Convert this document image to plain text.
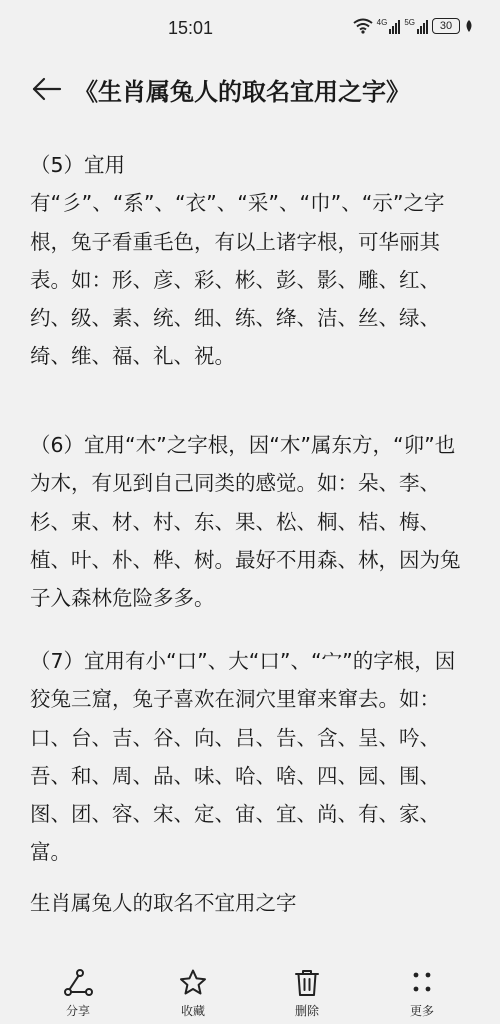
15:01	4G 5G	30
《生肖属兔人的取名宜用之字》

（5）宜用有“彡”、“系”、“衣”、“采”、“巾”、“示”之字根，兔子看重毛色，有以上诸字根，可华丽其表。如：形、彦、彩、彬、彭、影、雕、红、约、级、素、统、细、练、绛、洁、丝、绿、绮、维、福、礼、祝。

（6）宜用“木”之字根，因“木”属东方，“卯”也为木，有见到自己同类的感觉。如：朵、李、杉、束、材、村、东、果、松、桐、桔、梅、植、叶、朴、桦、树。最好不用森、林，因为兔子入森林危险多多。

（7）宜用有小“口”、大“口”、“宀”的字根，因狡兔三窟，兔子喜欢在洞穴里窜来窜去。如：口、台、吉、谷、向、吕、告、含、呈、吟、吾、和、周、品、味、哈、啥、四、园、围、图、团、容、宋、定、宙、宜、尚、有、家、富。

生肖属兔人的取名不宜用之字

分享	收藏	删除	更多
